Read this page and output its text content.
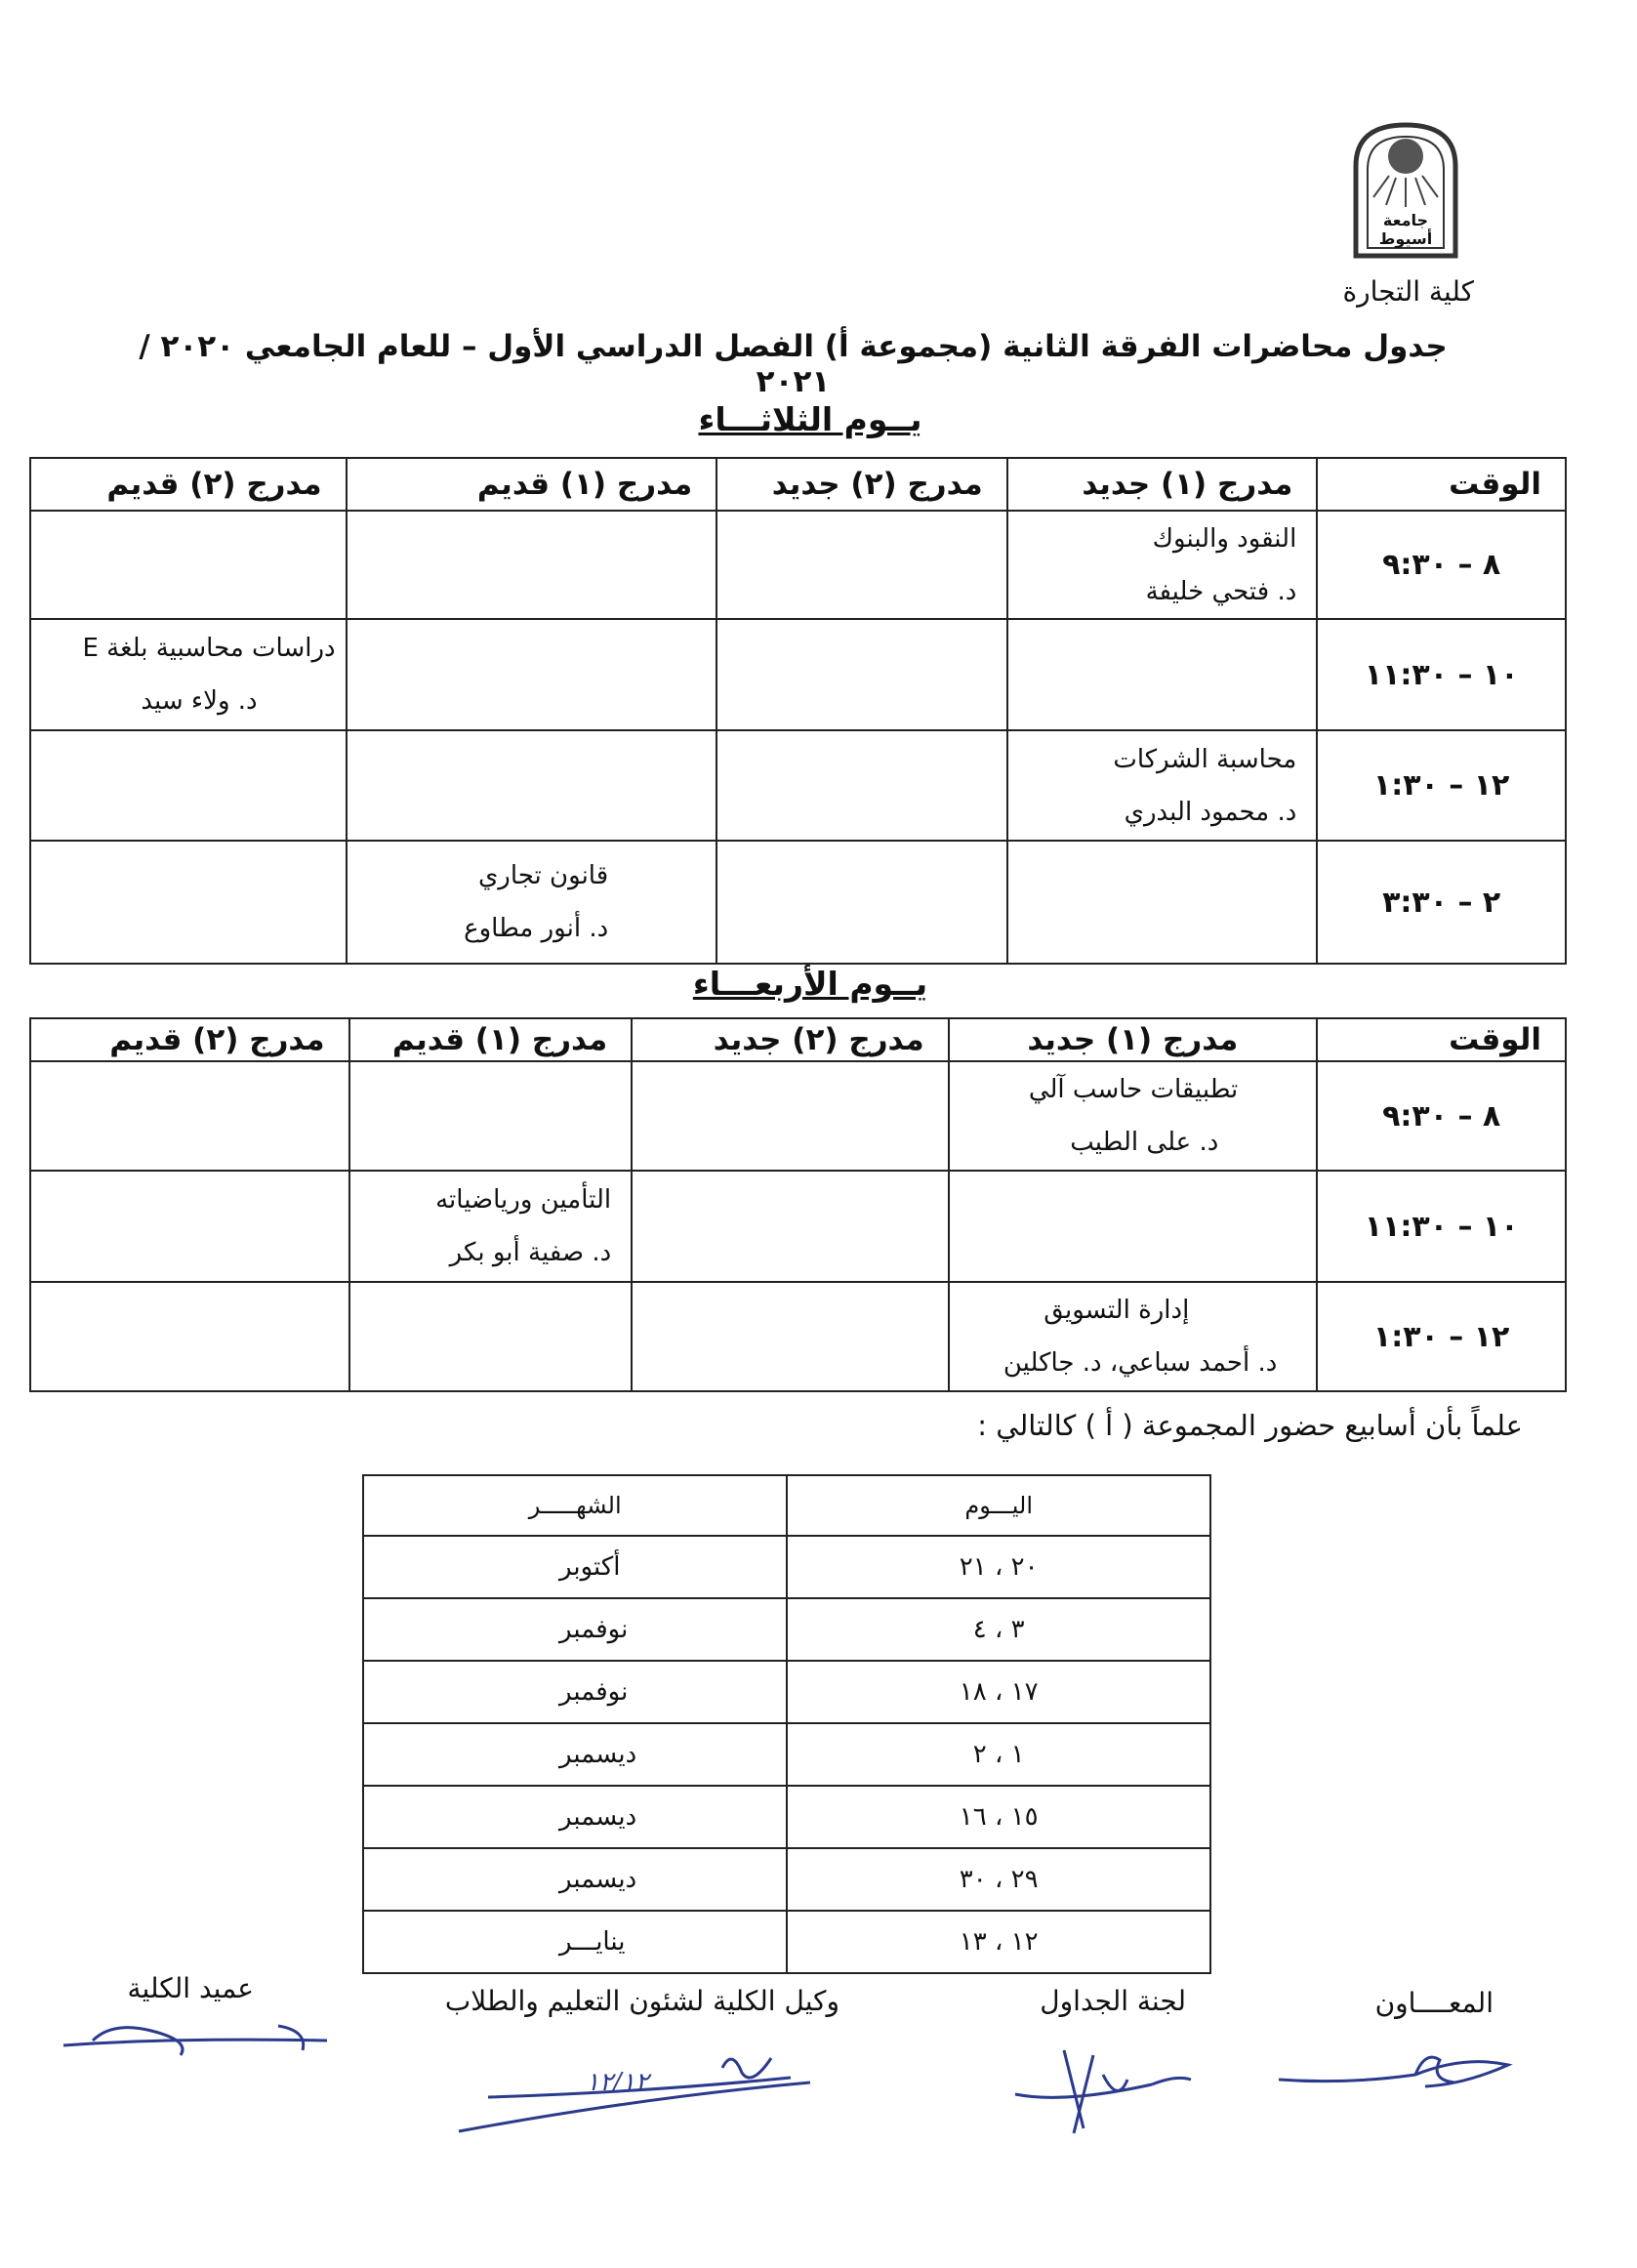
جامعة أسيوط
كلية التجارة
جدول محاضرات الفرقة الثانية (مجموعة أ) الفصل الدراسي الأول – للعام الجامعي ٢٠٢٠ / ٢٠٢١
يــوم الثلاثـــاء
الوقت	مدرج (١) جديد	مدرج (٢) جديد	مدرج (١) قديم	مدرج (٢) قديم
٨ – ٩:٣٠	النقود والبنوك
د. فتحي خليفة			

١٠ – ١١:٣٠				دراسات محاسبية بلغة E
د. ولاء سيد

١٢ – ١:٣٠	محاسبة الشركات
د. محمود البدري			

٢ – ٣:٣٠			قانون تجاري
د. أنور مطاوع	

يــوم الأربعـــاء
الوقت	مدرج (١) جديد	مدرج (٢) جديد	مدرج (١) قديم	مدرج (٢) قديم
٨ – ٩:٣٠	تطبيقات حاسب آلي
د. على الطيب			

١٠ – ١١:٣٠			التأمين ورياضياته
د. صفية أبو بكر	

١٢ – ١:٣٠	إدارة التسويق
د. أحمد سباعي، د. جاكلين			

علماً بأن أسابيع حضور المجموعة ( أ ) كالتالي :
اليـــوم	الشهـــــر
٢٠ ، ٢١	أكتوبر
٣ ، ٤	نوفمبر
١٧ ، ١٨	نوفمبر
١ ، ٢	ديسمبر
١٥ ، ١٦	ديسمبر
٢٩ ، ٣٠	ديسمبر
١٢ ، ١٣	ينايـــر
المعــــاون
لجنة الجداول
وكيل الكلية لشئون التعليم والطلاب
عميد الكلية
١٢/١٢
